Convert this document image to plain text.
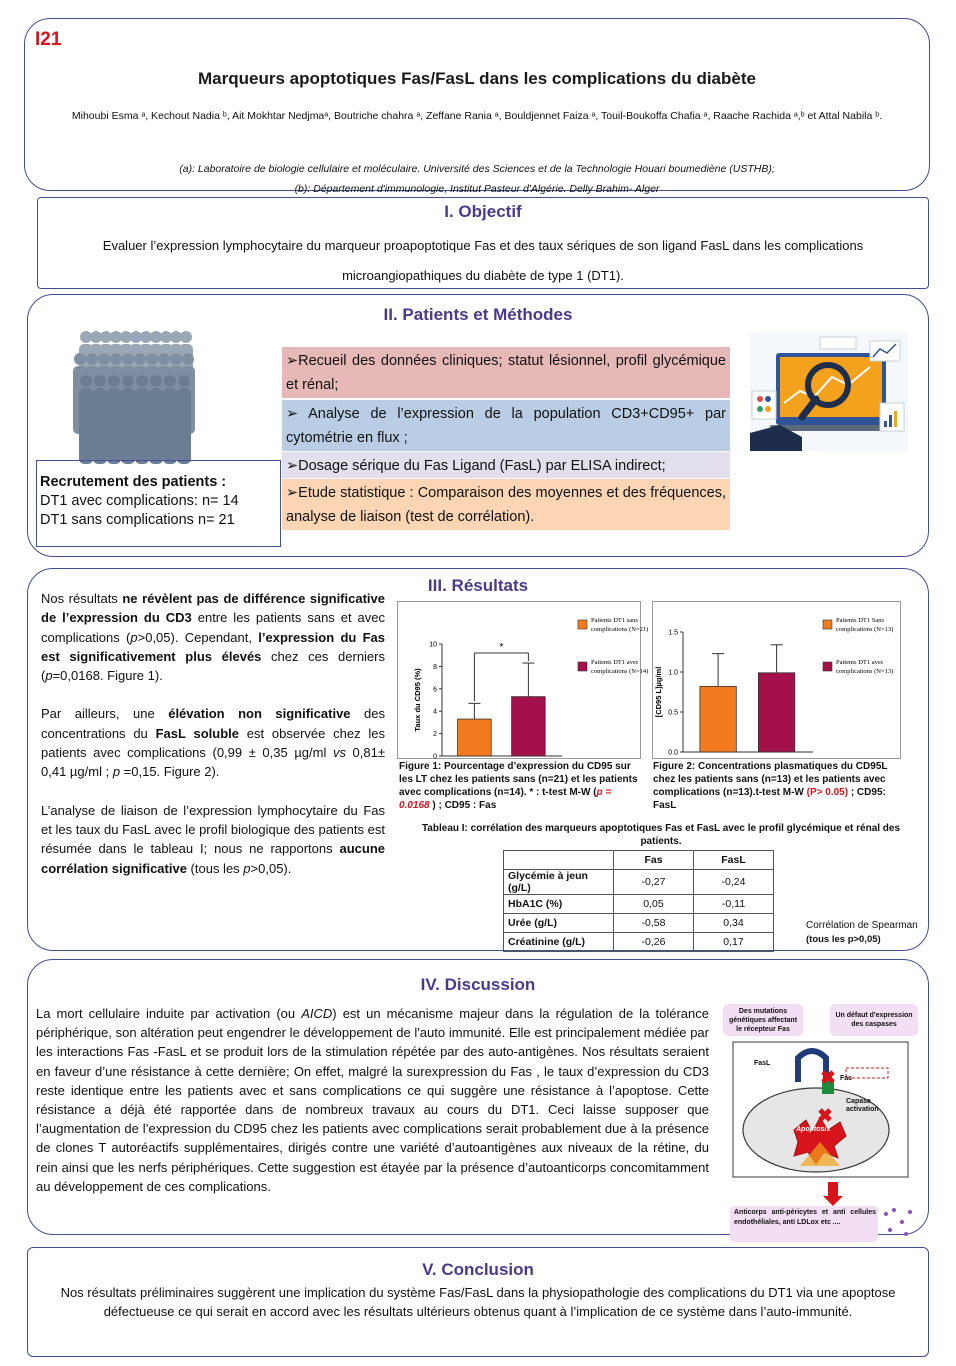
I21
Marqueurs apoptotiques Fas/FasL dans les complications du diabète
Mihoubi Esma ᵃ, Kechout Nadia ᵇ, Ait Mokhtar Nedjmaᵃ, Boutriche chahra ᵃ, Zeffane Rania ᵃ, Bouldjennet Faiza ᵃ, Touil-Boukoffa Chafia ᵃ, Raache Rachida ᵃ,ᵇ et Attal Nabila ᵇ.
(a): Laboratoire de biologie cellulaire et moléculaire. Université des Sciences et de la Technologie Houari boumediène (USTHB);
(b): Département d'immunologie, Institut Pasteur d'Algérie. Delly Brahim- Alger
I. Objectif
Evaluer l’expression lymphocytaire du marqueur proapoptotique Fas et des taux sériques de son ligand FasL dans les complications microangiopathiques du diabète de type 1 (DT1).
II. Patients et Méthodes
Recrutement des patients :
DT1 avec complications: n= 14
DT1 sans complications n= 21
➢Recueil des données cliniques; statut lésionnel, profil glycémique et rénal;
➢ Analyse de l’expression de la population CD3+CD95+ par cytométrie en flux ;
➢Dosage sérique du Fas Ligand (FasL) par ELISA indirect;
➢Etude statistique : Comparaison des moyennes et des fréquences, analyse de liaison (test de corrélation).
III. Résultats

Nos résultats ne révèlent pas de différence significative de l’expression du CD3 entre les patients sans et avec complications (p>0,05). Cependant, l’expression du Fas est significativement plus élevés chez ces derniers (p=0,0168. Figure 1).

Par ailleurs, une élévation non significative des concentrations du FasL soluble est observée chez les patients avec complications (0,99 ± 0,35 µg/ml vs 0,81± 0,41 µg/ml ; p =0,15. Figure 2).

L’analyse de liaison de l’expression lymphocytaire du Fas et les taux du FasL avec le profil biologique des patients est résumée dans le tableau I; nous ne rapportons aucune corrélation significative (tous les p>0,05).

0
2
4
6
8
10
Taux du CD95 (%)
*
Patients DT1 sans complications (N=21)
Patients DT1 avec complications (N=14)
Figure 1: Pourcentage d’expression du CD95 sur les LT chez les patients sans (n=21) et les patients avec complications (n=14). * : t-test M-W (p = 0.0168 ) ; CD95 : Fas
0.0
0.5
1.0
1.5
[CD95 L]µg/ml
Patients DT1 Sans complications (N=13)
Patients DT1 avec complications (N=13)
Figure 2: Concentrations plasmatiques du CD95L chez les patients sans (n=13) et les patients avec complications (n=13).t-test M-W (P> 0.05) ; CD95: FasL
Tableau I: corrélation des marqueurs apoptotiques Fas et FasL avec le profil glycémique et rénal des patients.
	Fas	FasL
Glycémie à jeun (g/L)	-0,27	-0,24
HbA1C (%)	0,05	-0,11
Urée (g/L)	-0,58	0,34
Créatinine (g/L)	-0,26	0,17
Corrélation de Spearman
(tous les p>0,05)
IV. Discussion
La mort cellulaire induite par activation (ou AICD) est un mécanisme majeur dans la régulation de la tolérance périphérique, son altération peut engendrer le développement de l'auto immunité. Elle est principalement médiée par les interactions Fas -FasL et se produit lors de la stimulation répétée par des auto-antigènes. Nos résultats seraient en faveur d’une résistance à cette dernière; On effet, malgré la surexpression du Fas , le taux d’expression du CD3 reste identique entre les patients avec et sans complications ce qui suggère une résistance à l’apoptose. Cette résistance a déjà été rapportée dans de nombreux travaux au cours du DT1. Ceci laisse supposer que l’augmentation de l’expression du CD95 chez les patients avec complications serait probablement due à la présence de clones T autoréactifs supplémentaires, dirigés contre une variété d’autoantigènes aux niveaux de la rétine, du rein ainsi que les nerfs périphériques. Cette suggestion est étayée par la présence d’autoanticorps concomitamment au développement de ces complications.
Des mutations génétiques affectant le récepteur Fas
Un défaut d'expression des caspases
FasL
Fas
Capase activation
Apoptosis
Anticorps anti-péricytes et anti cellules endothéliales, anti LDLox etc ....
V. Conclusion
Nos résultats préliminaires suggèrent une implication du système Fas/FasL dans la physiopathologie des complications du DT1 via une apoptose défectueuse ce qui serait en accord avec les résultats ultérieurs obtenus quant à l’implication de ce système dans l’auto-immunité.
